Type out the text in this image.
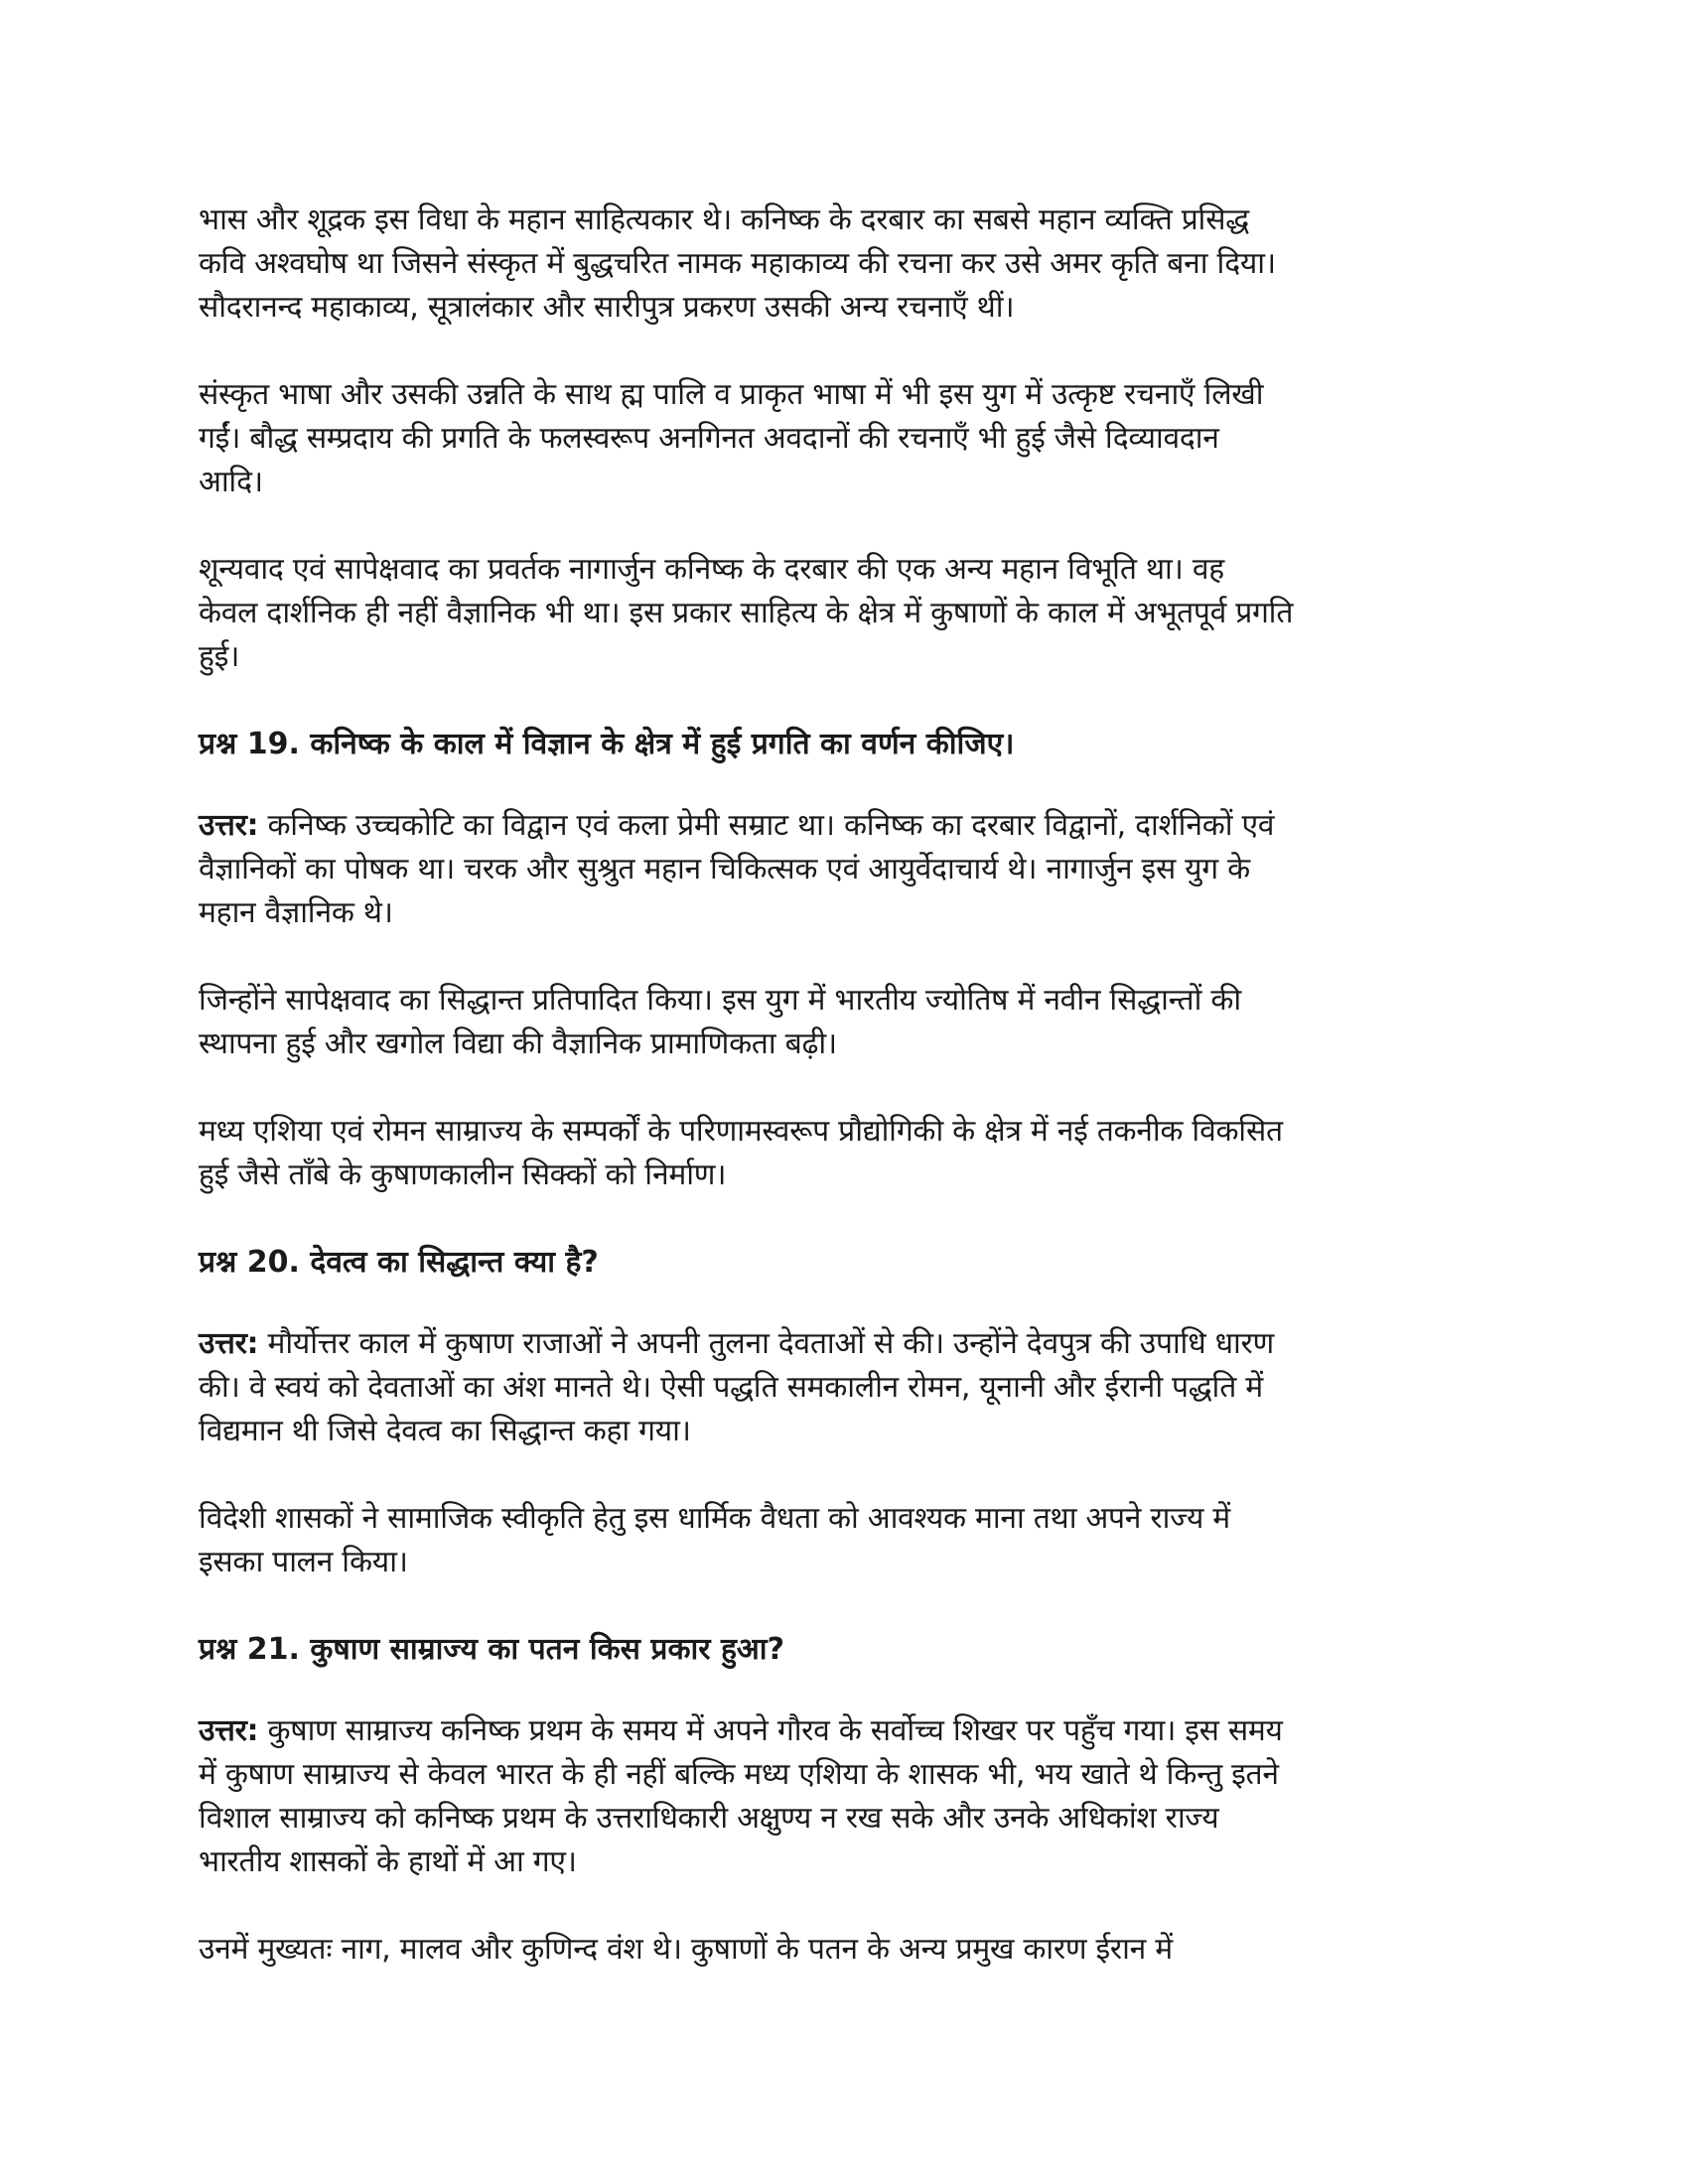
भास और शूद्रक इस विधा के महान साहित्यकार थे। कनिष्क के दरबार का सबसे महान व्यक्ति प्रसिद्ध
कवि अश्वघोष था जिसने संस्कृत में बुद्धचरित नामक महाकाव्य की रचना कर उसे अमर कृति बना दिया।
सौदरानन्द महाकाव्य, सूत्रालंकार और सारीपुत्र प्रकरण उसकी अन्य रचनाएँ थीं।

संस्कृत भाषा और उसकी उन्नति के साथ ह्म पालि व प्राकृत भाषा में भी इस युग में उत्कृष्ट रचनाएँ लिखी
गईं। बौद्ध सम्प्रदाय की प्रगति के फलस्वरूप अनगिनत अवदानों की रचनाएँ भी हुई जैसे दिव्यावदान
आदि।

शून्यवाद एवं सापेक्षवाद का प्रवर्तक नागार्जुन कनिष्क के दरबार की एक अन्य महान विभूति था। वह
केवल दार्शनिक ही नहीं वैज्ञानिक भी था। इस प्रकार साहित्य के क्षेत्र में कुषाणों के काल में अभूतपूर्व प्रगति
हुई।

प्रश्न 19. कनिष्क के काल में विज्ञान के क्षेत्र में हुई प्रगति का वर्णन कीजिए।

उत्तर: कनिष्क उच्चकोटि का विद्वान एवं कला प्रेमी सम्राट था। कनिष्क का दरबार विद्वानों, दार्शनिकों एवं
वैज्ञानिकों का पोषक था। चरक और सुश्रुत महान चिकित्सक एवं आयुर्वेदाचार्य थे। नागार्जुन इस युग के
महान वैज्ञानिक थे।

जिन्होंने सापेक्षवाद का सिद्धान्त प्रतिपादित किया। इस युग में भारतीय ज्योतिष में नवीन सिद्धान्तों की
स्थापना हुई और खगोल विद्या की वैज्ञानिक प्रामाणिकता बढ़ी।

मध्य एशिया एवं रोमन साम्राज्य के सम्पर्कों के परिणामस्वरूप प्रौद्योगिकी के क्षेत्र में नई तकनीक विकसित
हुई जैसे ताँबे के कुषाणकालीन सिक्कों को निर्माण।

प्रश्न 20. देवत्व का सिद्धान्त क्या है?

उत्तर: मौर्योत्तर काल में कुषाण राजाओं ने अपनी तुलना देवताओं से की। उन्होंने देवपुत्र की उपाधि धारण
की। वे स्वयं को देवताओं का अंश मानते थे। ऐसी पद्धति समकालीन रोमन, यूनानी और ईरानी पद्धति में
विद्यमान थी जिसे देवत्व का सिद्धान्त कहा गया।

विदेशी शासकों ने सामाजिक स्वीकृति हेतु इस धार्मिक वैधता को आवश्यक माना तथा अपने राज्य में
इसका पालन किया।

प्रश्न 21. कुषाण साम्राज्य का पतन किस प्रकार हुआ?

उत्तर: कुषाण साम्राज्य कनिष्क प्रथम के समय में अपने गौरव के सर्वोच्च शिखर पर पहुँच गया। इस समय
में कुषाण साम्राज्य से केवल भारत के ही नहीं बल्कि मध्य एशिया के शासक भी, भय खाते थे किन्तु इतने
विशाल साम्राज्य को कनिष्क प्रथम के उत्तराधिकारी अक्षुण्य न रख सके और उनके अधिकांश राज्य
भारतीय शासकों के हाथों में आ गए।

उनमें मुख्यतः नाग, मालव और कुणिन्द वंश थे। कुषाणों के पतन के अन्य प्रमुख कारण ईरान में
